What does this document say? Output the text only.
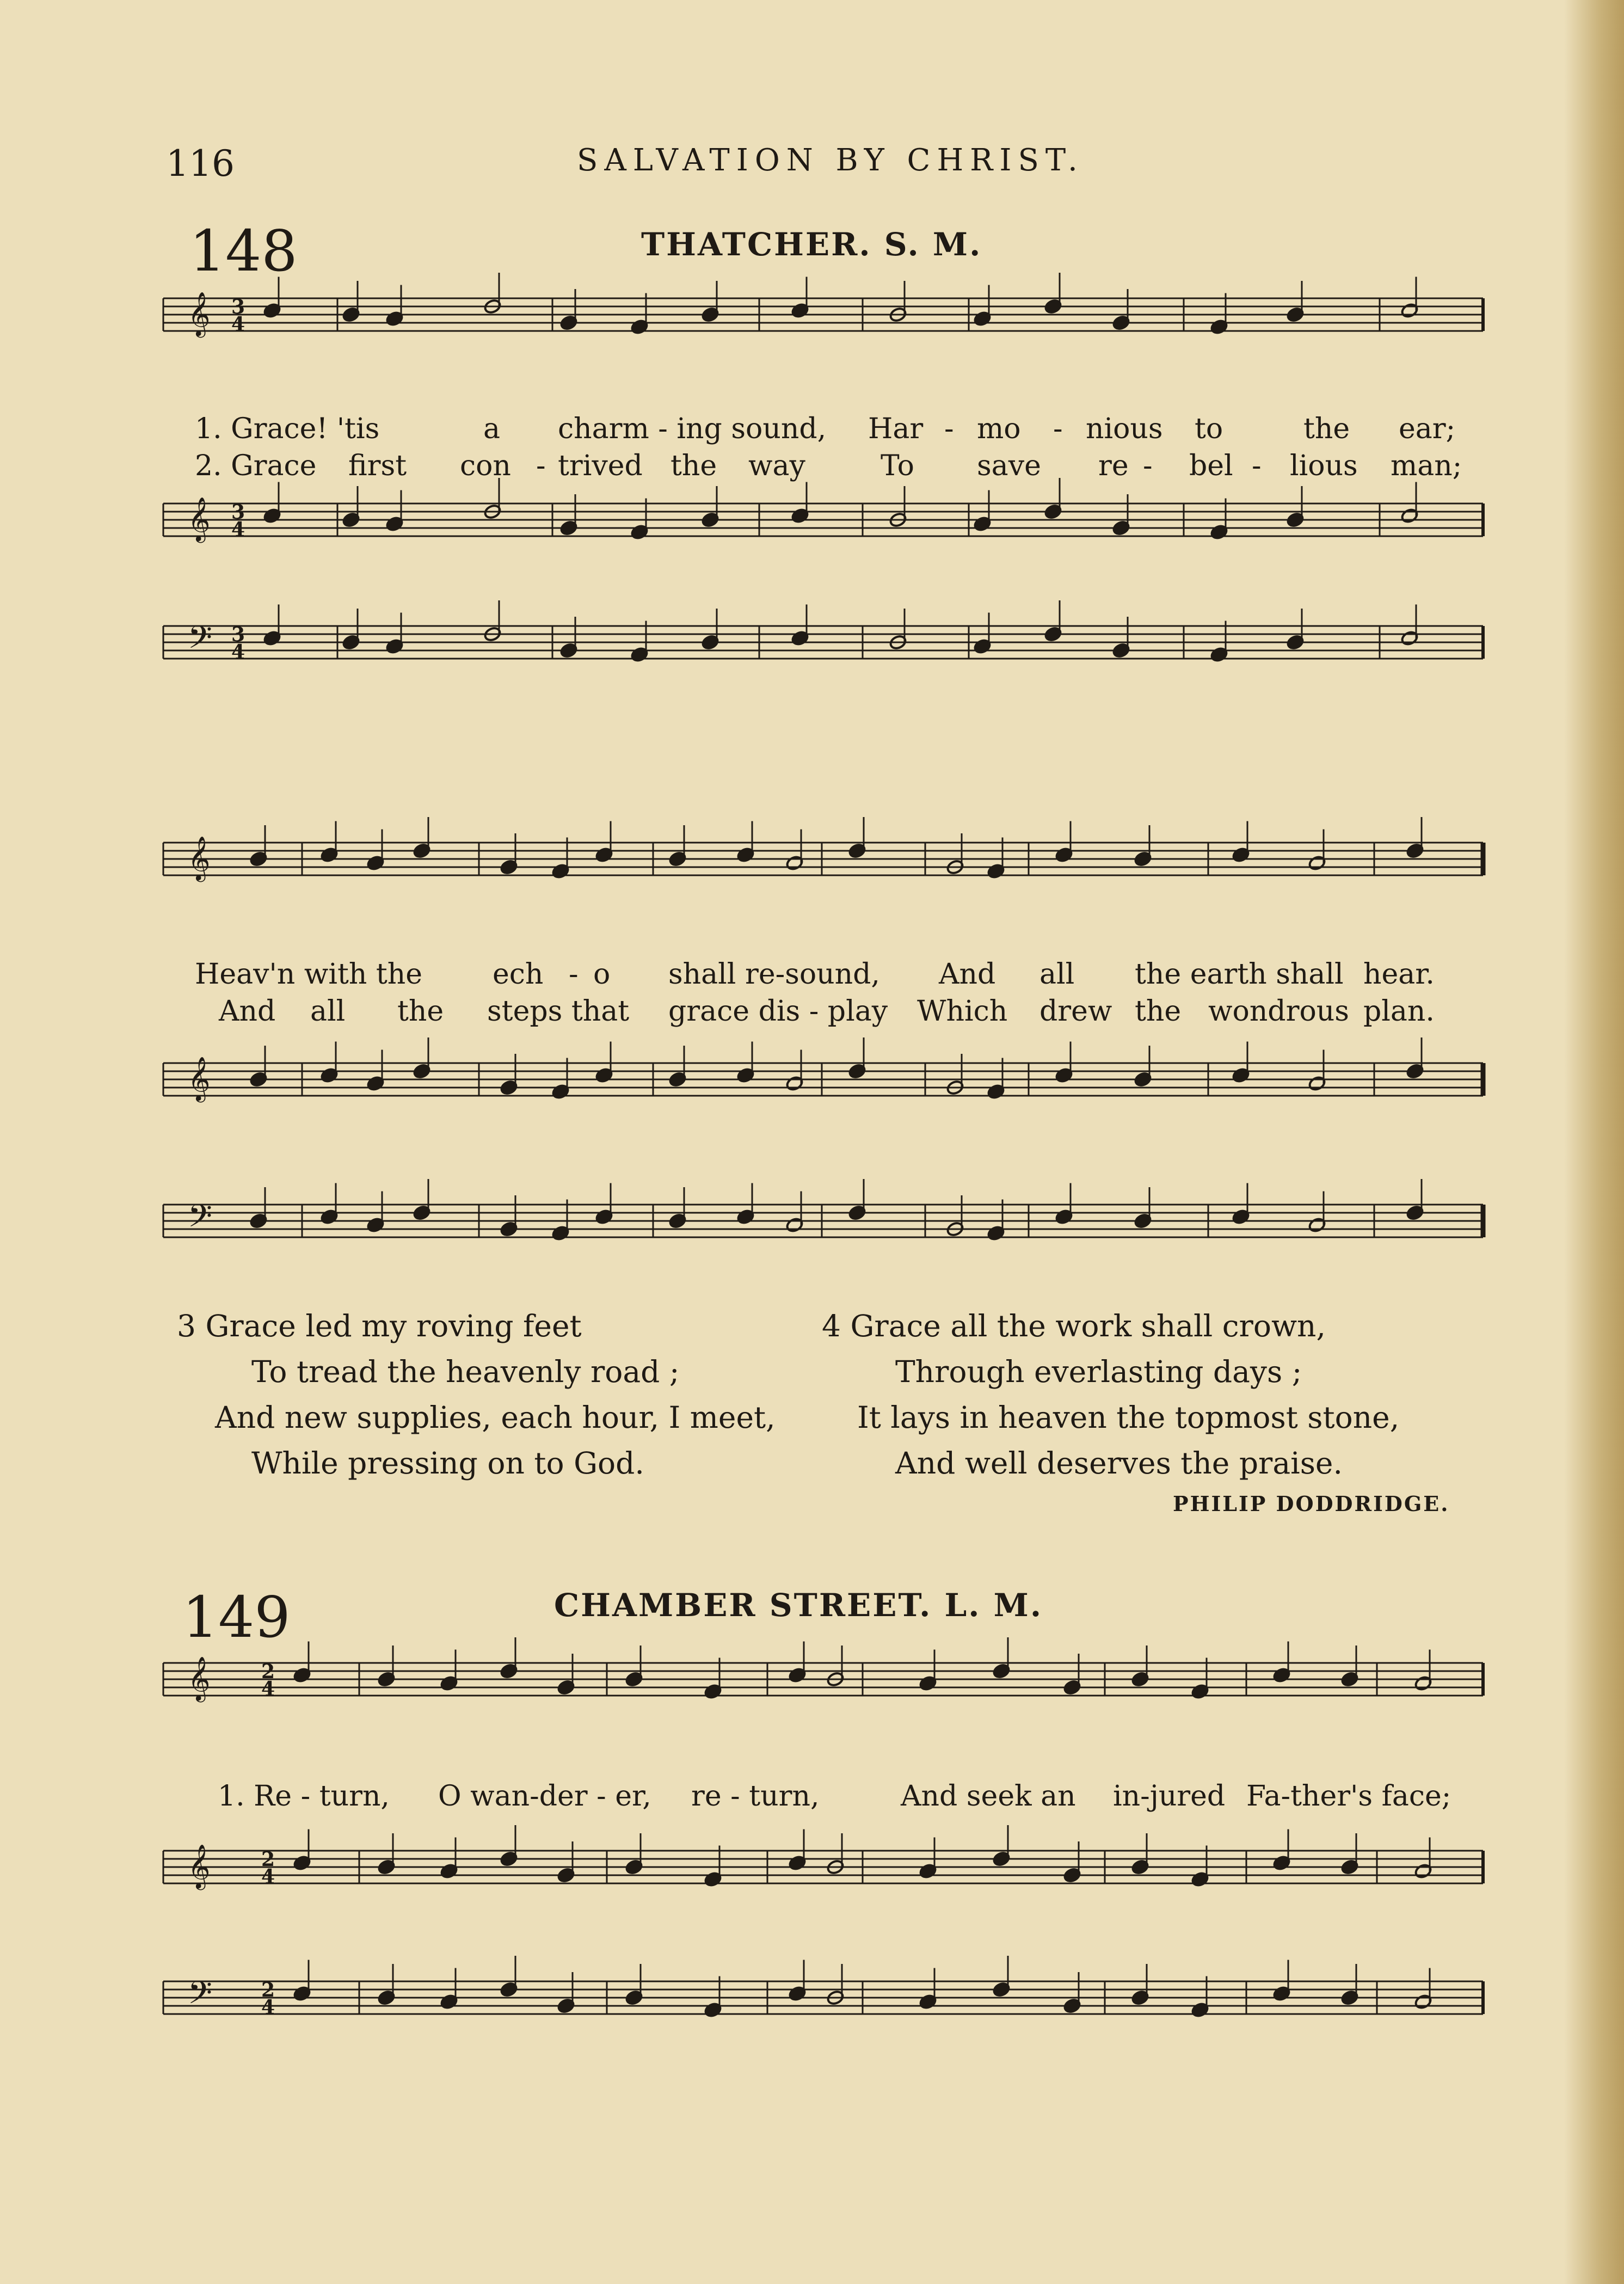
116	SALVATION BY CHRIST.
148	THATCHER. S. M.
𝄞 3
4
𝄞 3
4
𝄢 3
4
𝄞
𝄞
𝄢
𝄞	2
4
𝄞	2
4
𝄢 2
4
1. Grace! 'tis	a charm - ing sound, Har - mo - nious to	the ear;
2. Grace first con - trived the way	To save re - bel - lious man;
Heav'n with the ech - o shall re-sound, And all the earth shall hear.
And all the steps that grace dis - play Which drew the wondrous plan.
3 Grace led my roving feet
To tread the heavenly road ;
And new supplies, each hour, I meet,
While pressing on to God.
4 Grace all the work shall crown,
Through everlasting days ;
It lays in heaven the topmost stone,
And well deserves the praise.
PHILIP DODDRIDGE.
149	CHAMBER STREET. L. M.
1. Re - turn, O wan-der - er, re - turn,	And seek an in-jured Fa-ther's face;
